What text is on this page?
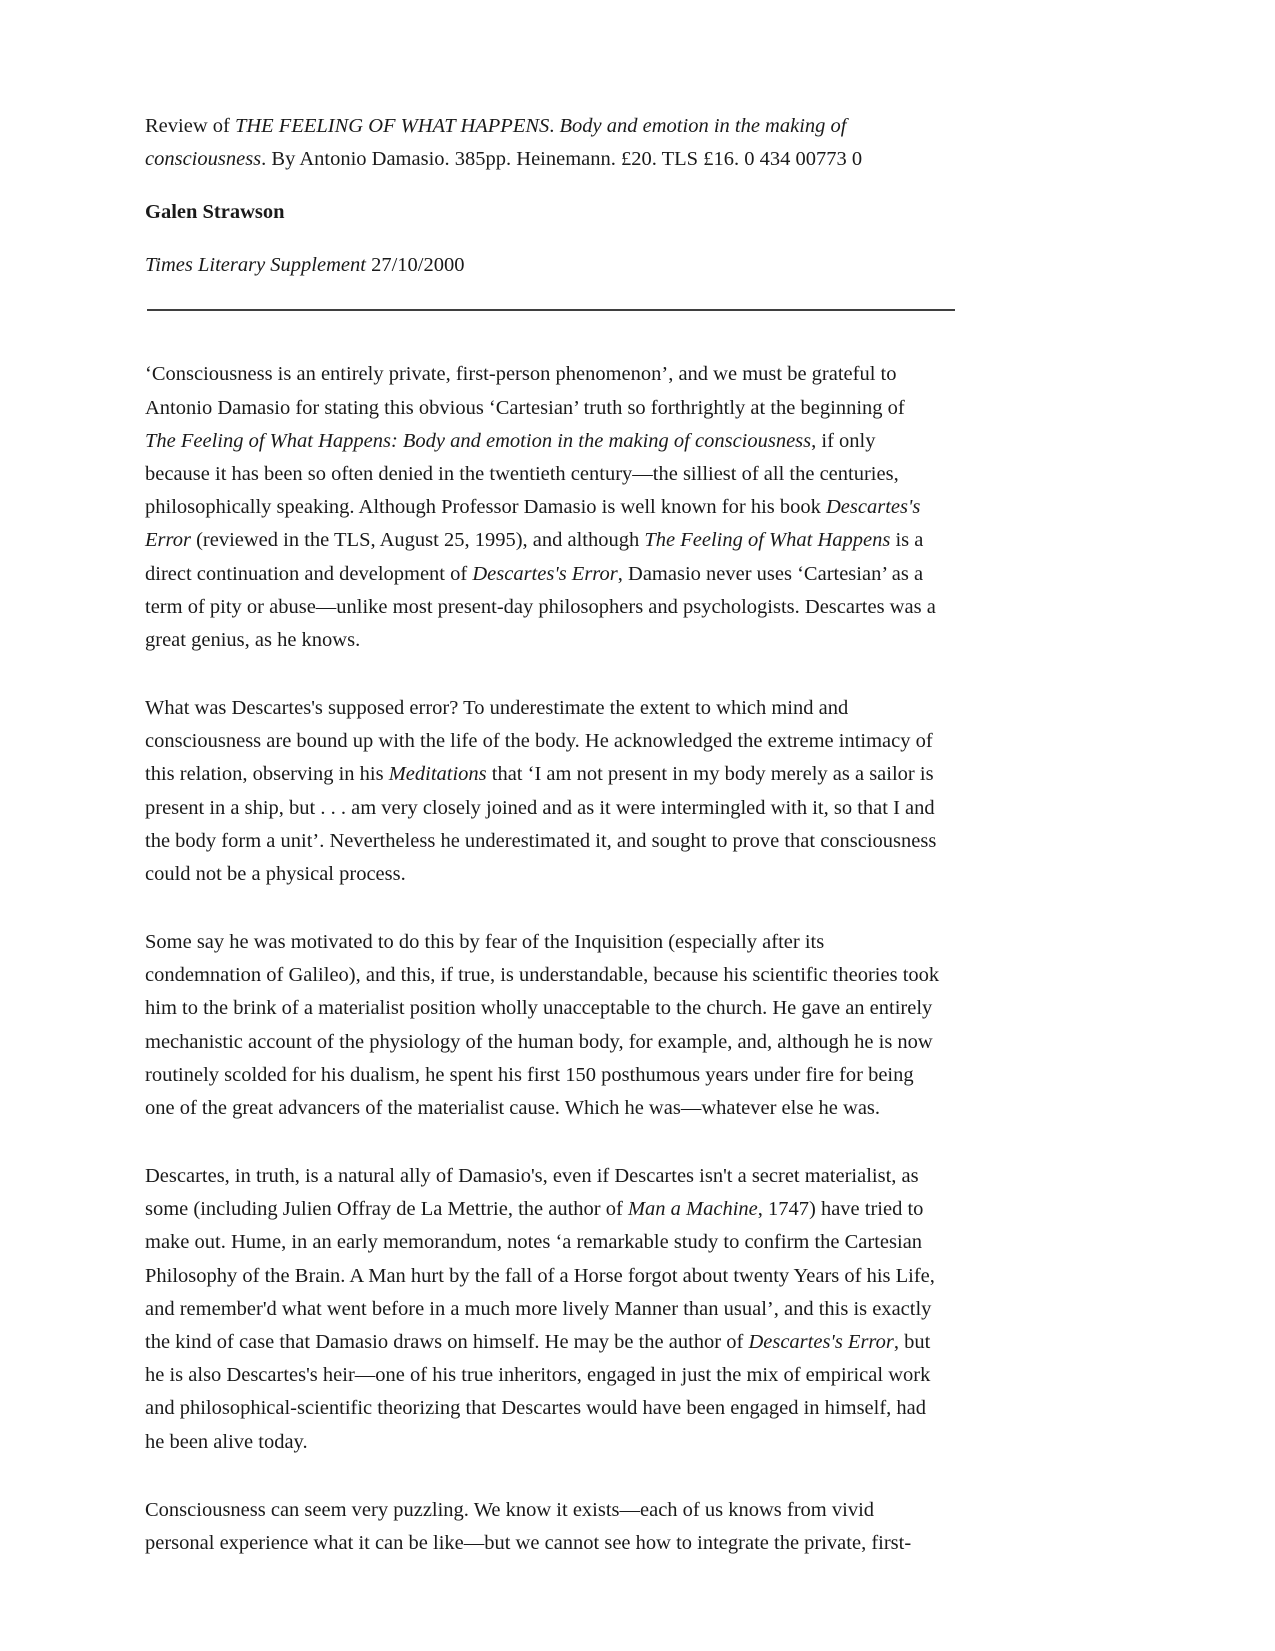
Review of THE FEELING OF WHAT HAPPENS. Body and emotion in the making of
consciousness. By Antonio Damasio. 385pp. Heinemann. £20. TLS £16. 0 434 00773 0
Galen Strawson
Times Literary Supplement 27/10/2000
‘Consciousness is an entirely private, first-person phenomenon’, and we must be grateful to
Antonio Damasio for stating this obvious ‘Cartesian’ truth so forthrightly at the beginning of
The Feeling of What Happens: Body and emotion in the making of consciousness, if only
because it has been so often denied in the twentieth century—the silliest of all the centuries,
philosophically speaking. Although Professor Damasio is well known for his book Descartes's
Error (reviewed in the TLS, August 25, 1995), and although The Feeling of What Happens is a
direct continuation and development of Descartes's Error, Damasio never uses ‘Cartesian’ as a
term of pity or abuse—unlike most present-day philosophers and psychologists. Descartes was a
great genius, as he knows.
What was Descartes's supposed error? To underestimate the extent to which mind and
consciousness are bound up with the life of the body. He acknowledged the extreme intimacy of
this relation, observing in his Meditations that ‘I am not present in my body merely as a sailor is
present in a ship, but . . . am very closely joined and as it were intermingled with it, so that I and
the body form a unit’. Nevertheless he underestimated it, and sought to prove that consciousness
could not be a physical process.
Some say he was motivated to do this by fear of the Inquisition (especially after its
condemnation of Galileo), and this, if true, is understandable, because his scientific theories took
him to the brink of a materialist position wholly unacceptable to the church. He gave an entirely
mechanistic account of the physiology of the human body, for example, and, although he is now
routinely scolded for his dualism, he spent his first 150 posthumous years under fire for being
one of the great advancers of the materialist cause. Which he was—whatever else he was.
Descartes, in truth, is a natural ally of Damasio's, even if Descartes isn't a secret materialist, as
some (including Julien Offray de La Mettrie, the author of Man a Machine, 1747) have tried to
make out. Hume, in an early memorandum, notes ‘a remarkable study to confirm the Cartesian
Philosophy of the Brain. A Man hurt by the fall of a Horse forgot about twenty Years of his Life,
and remember'd what went before in a much more lively Manner than usual’, and this is exactly
the kind of case that Damasio draws on himself. He may be the author of Descartes's Error, but
he is also Descartes's heir—one of his true inheritors, engaged in just the mix of empirical work
and philosophical-scientific theorizing that Descartes would have been engaged in himself, had
he been alive today.
Consciousness can seem very puzzling. We know it exists—each of us knows from vivid
personal experience what it can be like—but we cannot see how to integrate the private, first-
